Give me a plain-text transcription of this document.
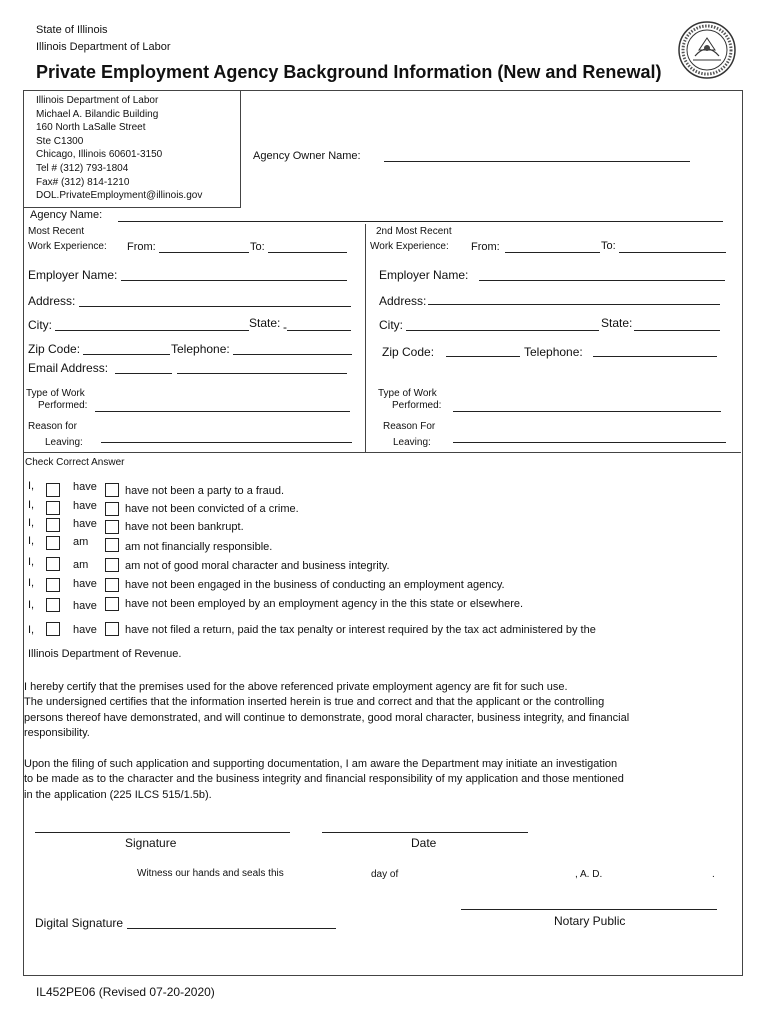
State of Illinois
Illinois Department of Labor
Private Employment Agency Background Information (New and Renewal)
Illinois Department of Labor
Michael A. Bilandic Building
160 North LaSalle Street
Ste C1300
Chicago, Illinois 60601-3150
Tel # (312) 793-1804
Fax# (312) 814-1210
DOL.PrivateEmployment@illinois.gov
Agency Owner Name:
Agency Name:
Most Recent
Work Experience: From:	To:
Employer Name:
Address:
City:	State: -
Zip Code:	Telephone:
Email Address:
Type of Work
Performed:
Reason for
Leaving:
2nd Most Recent
Work Experience: From:	To:
Employer Name:
Address:
City:	State:
Zip Code:	Telephone:
Type of Work
Performed:
Reason For
Leaving:
Check Correct Answer
I,	have	have not been a party to a fraud.
I,	have	have not been convicted of a crime.
I,	have	have not been bankrupt.
I,	am	am not financially responsible.
I,	am	am not of good moral character and business integrity.
I,	have	have not been engaged in the business of conducting an employment agency.
I,	have	have not been employed by an employment agency in the this state or elsewhere.
I,	have	have not filed a return, paid the tax penalty or interest required by the tax act administered by the
Illinois Department of Revenue.
I hereby certify that the premises used for the above referenced private employment agency are fit for such use.
The undersigned certifies that the information inserted herein is true and correct and that the applicant or the controlling
persons thereof have demonstrated, and will continue to demonstrate, good moral character, business integrity, and financial
responsibility.
Upon the filing of such application and supporting documentation, I am aware the Department may initiate an investigation
to be made as to the character and the business integrity and financial responsibility of my application and those mentioned
in the application (225 ILCS 515/1.5b).
Signature	Date
Witness our hands and seals this	day of	, A. D.	.
Digital Signature	Notary Public
IL452PE06 (Revised 07-20-2020)
